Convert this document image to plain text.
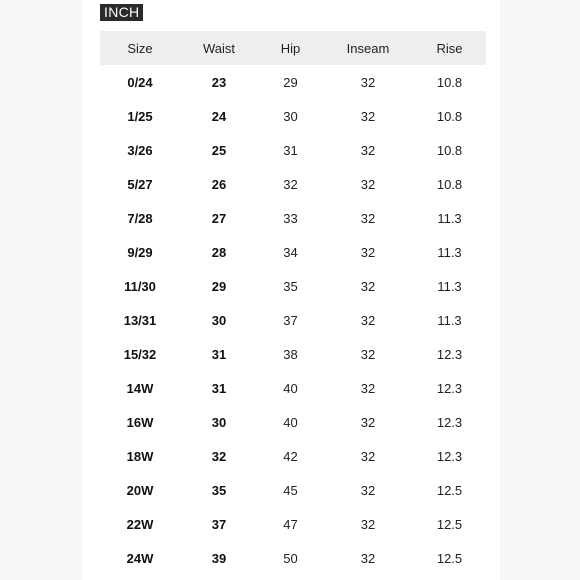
INCH
Size	Waist	Hip	Inseam	Rise
0/24	23	29	32	10.8
1/25	24	30	32	10.8
3/26	25	31	32	10.8
5/27	26	32	32	10.8
7/28	27	33	32	11.3
9/29	28	34	32	11.3
11/30	29	35	32	11.3
13/31	30	37	32	11.3
15/32	31	38	32	12.3
14W	31	40	32	12.3
16W	30	40	32	12.3
18W	32	42	32	12.3
20W	35	45	32	12.5
22W	37	47	32	12.5
24W	39	50	32	12.5
